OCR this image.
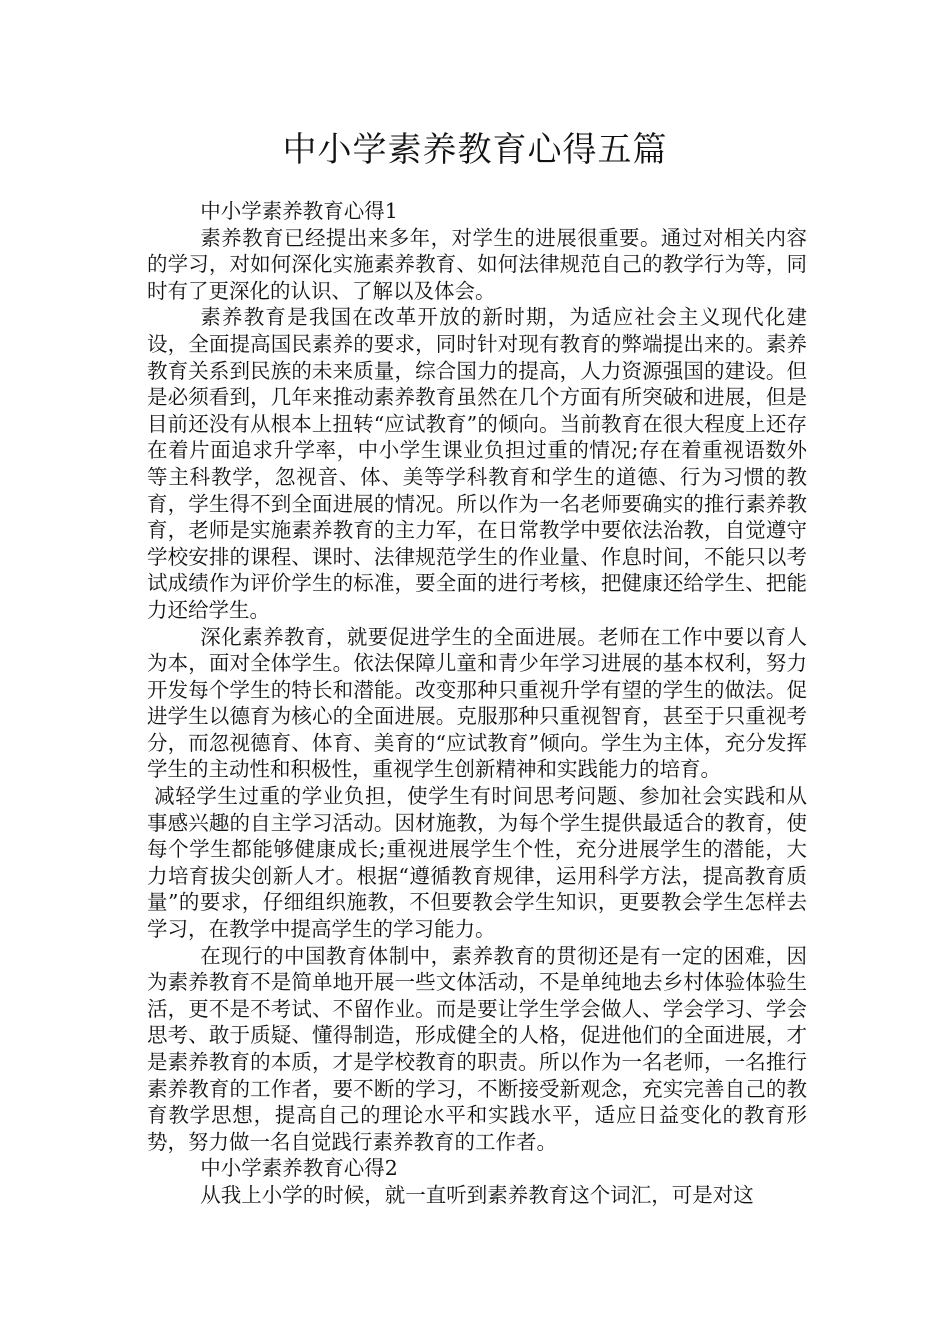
中小学素养教育心得五篇

中小学素养教育心得1

素养教育已经提出来多年，对学生的进展很重要。通过对相关内容的学习，对如何深化实施素养教育、如何法律规范自己的教学行为等，同时有了更深化的认识、了解以及体会。

素养教育是我国在改革开放的新时期，为适应社会主义现代化建设，全面提高国民素养的要求，同时针对现有教育的弊端提出来的。素养教育关系到民族的未来质量，综合国力的提高，人力资源强国的建设。但是必须看到，几年来推动素养教育虽然在几个方面有所突破和进展，但是目前还没有从根本上扭转“应试教育”的倾向。当前教育在很大程度上还存在着片面追求升学率，中小学生课业负担过重的情况;存在着重视语数外等主科教学，忽视音、体、美等学科教育和学生的道德、行为习惯的教育，学生得不到全面进展的情况。所以作为一名老师要确实的推行素养教育，老师是实施素养教育的主力军，在日常教学中要依法治教，自觉遵守学校安排的课程、课时、法律规范学生的作业量、作息时间，不能只以考试成绩作为评价学生的标准，要全面的进行考核，把健康还给学生、把能力还给学生。

深化素养教育，就要促进学生的全面进展。老师在工作中要以育人为本，面对全体学生。依法保障儿童和青少年学习进展的基本权利，努力开发每个学生的特长和潜能。改变那种只重视升学有望的学生的做法。促进学生以德育为核心的全面进展。克服那种只重视智育，甚至于只重视考分，而忽视德育、体育、美育的“应试教育”倾向。学生为主体，充分发挥学生的主动性和积极性，重视学生创新精神和实践能力的培育。

减轻学生过重的学业负担，使学生有时间思考问题、参加社会实践和从事感兴趣的自主学习活动。因材施教，为每个学生提供最适合的教育，使每个学生都能够健康成长;重视进展学生个性，充分进展学生的潜能，大力培育拔尖创新人才。根据“遵循教育规律，运用科学方法，提高教育质量”的要求，仔细组织施教，不但要教会学生知识，更要教会学生怎样去学习，在教学中提高学生的学习能力。

在现行的中国教育体制中，素养教育的贯彻还是有一定的困难，因为素养教育不是简单地开展一些文体活动，不是单纯地去乡村体验体验生活，更不是不考试、不留作业。而是要让学生学会做人、学会学习、学会思考、敢于质疑、懂得制造，形成健全的人格，促进他们的全面进展，才是素养教育的本质，才是学校教育的职责。所以作为一名老师，一名推行素养教育的工作者，要不断的学习，不断接受新观念，充实完善自己的教育教学思想，提高自己的理论水平和实践水平，适应日益变化的教育形势，努力做一名自觉践行素养教育的工作者。

中小学素养教育心得2

从我上小学的时候，就一直听到素养教育这个词汇，可是对这
